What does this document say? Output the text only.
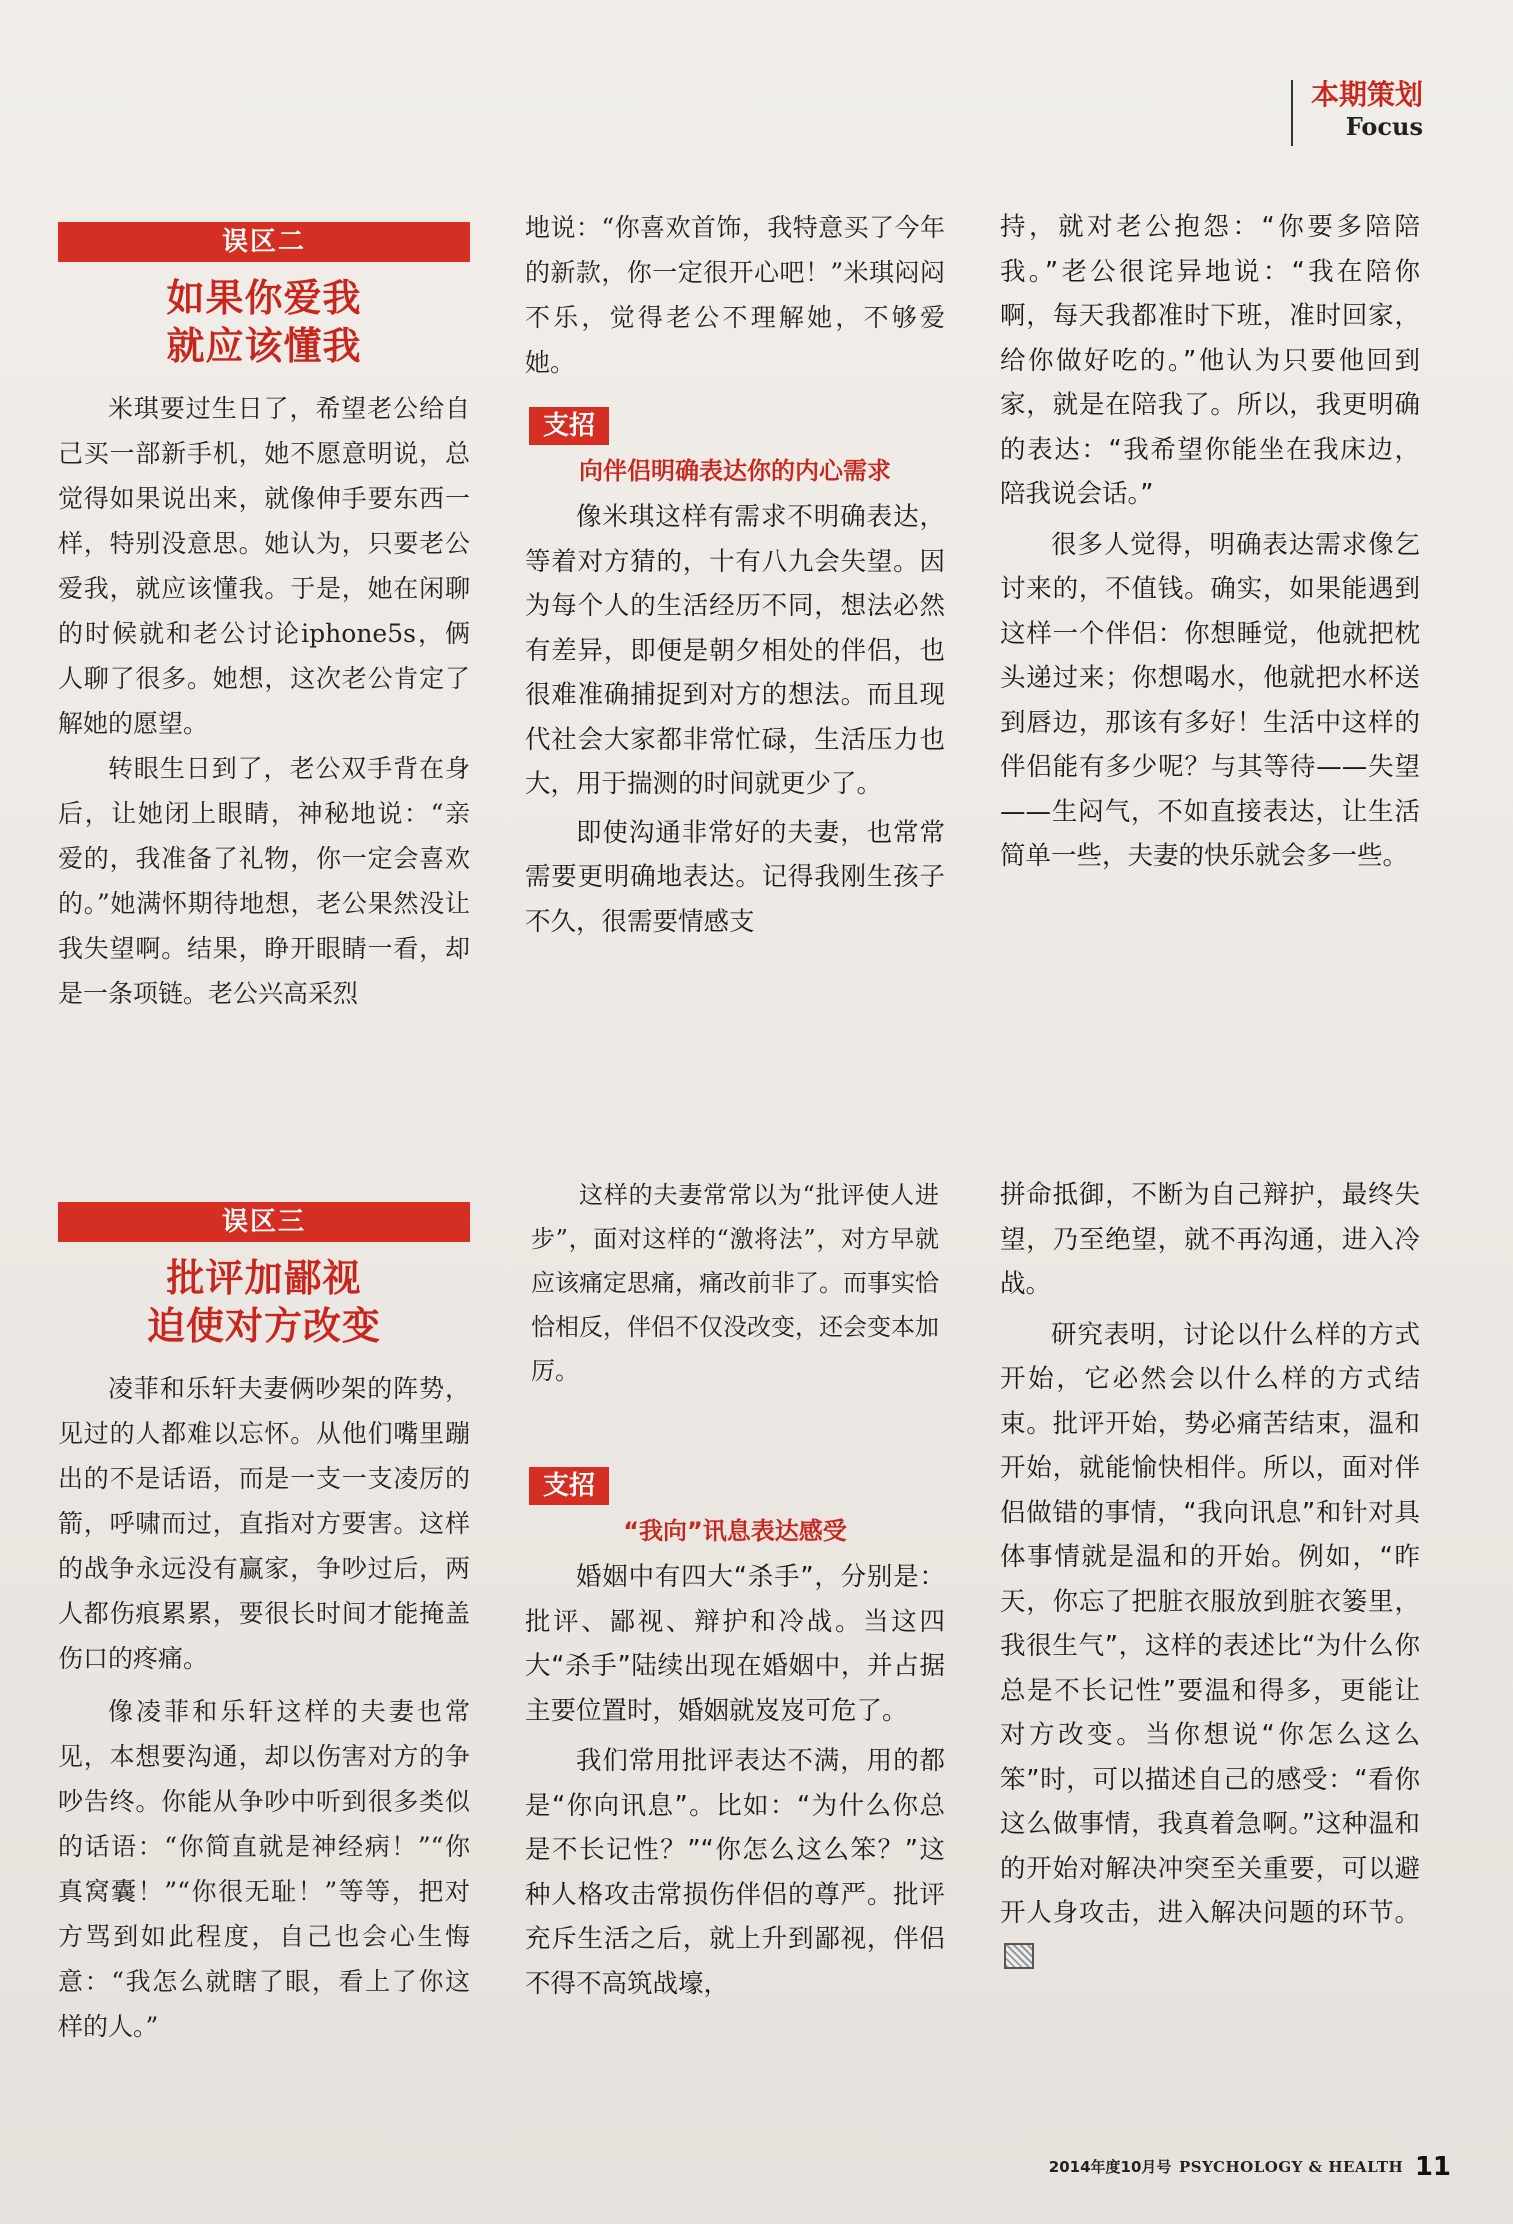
本期策划
Focus
误区二
如果你爱我
就应该懂我

米琪要过生日了，希望老公给自己买一部新手机，她不愿意明说，总觉得如果说出来，就像伸手要东西一样，特别没意思。她认为，只要老公爱我，就应该懂我。于是，她在闲聊的时候就和老公讨论iphone5s，俩人聊了很多。她想，这次老公肯定了解她的愿望。

转眼生日到了，老公双手背在身后，让她闭上眼睛，神秘地说：“亲爱的，我准备了礼物，你一定会喜欢的。”她满怀期待地想，老公果然没让我失望啊。结果，睁开眼睛一看，却是一条项链。老公兴高采烈

误区三
批评加鄙视
迫使对方改变

凌菲和乐轩夫妻俩吵架的阵势，见过的人都难以忘怀。从他们嘴里蹦出的不是话语，而是一支一支凌厉的箭，呼啸而过，直指对方要害。这样的战争永远没有赢家，争吵过后，两人都伤痕累累，要很长时间才能掩盖伤口的疼痛。

像凌菲和乐轩这样的夫妻也常见，本想要沟通，却以伤害对方的争吵告终。你能从争吵中听到很多类似的话语：“你简直就是神经病！”“你真窝囊！”“你很无耻！”等等，把对方骂到如此程度，自己也会心生悔意：“我怎么就瞎了眼，看上了你这样的人。”

地说：“你喜欢首饰，我特意买了今年的新款，你一定很开心吧！”米琪闷闷不乐，觉得老公不理解她，不够爱她。

支招
向伴侣明确表达你的内心需求

像米琪这样有需求不明确表达，等着对方猜的，十有八九会失望。因为每个人的生活经历不同，想法必然有差异，即便是朝夕相处的伴侣，也很难准确捕捉到对方的想法。而且现代社会大家都非常忙碌，生活压力也大，用于揣测的时间就更少了。

即使沟通非常好的夫妻，也常常需要更明确地表达。记得我刚生孩子不久，很需要情感支

这样的夫妻常常以为“批评使人进步”，面对这样的“激将法”，对方早就应该痛定思痛，痛改前非了。而事实恰恰相反，伴侣不仅没改变，还会变本加厉。

支招
“我向”讯息表达感受

婚姻中有四大“杀手”，分别是：批评、鄙视、辩护和冷战。当这四大“杀手”陆续出现在婚姻中，并占据主要位置时，婚姻就岌岌可危了。

我们常用批评表达不满，用的都是“你向讯息”。比如：“为什么你总是不长记性？”“你怎么这么笨？”这种人格攻击常损伤伴侣的尊严。批评充斥生活之后，就上升到鄙视，伴侣不得不高筑战壕，

持，就对老公抱怨：“你要多陪陪我。”老公很诧异地说：“我在陪你啊，每天我都准时下班，准时回家，给你做好吃的。”他认为只要他回到家，就是在陪我了。所以，我更明确的表达：“我希望你能坐在我床边，陪我说会话。”

很多人觉得，明确表达需求像乞讨来的，不值钱。确实，如果能遇到这样一个伴侣：你想睡觉，他就把枕头递过来；你想喝水，他就把水杯送到唇边，那该有多好！生活中这样的伴侣能有多少呢？与其等待——失望——生闷气，不如直接表达，让生活简单一些，夫妻的快乐就会多一些。

拼命抵御，不断为自己辩护，最终失望，乃至绝望，就不再沟通，进入冷战。

研究表明，讨论以什么样的方式开始，它必然会以什么样的方式结束。批评开始，势必痛苦结束，温和开始，就能愉快相伴。所以，面对伴侣做错的事情，“我向讯息”和针对具体事情就是温和的开始。例如，“昨天，你忘了把脏衣服放到脏衣篓里，我很生气”，这样的表述比“为什么你总是不长记性”要温和得多，更能让对方改变。当你想说“你怎么这么笨”时，可以描述自己的感受：“看你这么做事情，我真着急啊。”这种温和的开始对解决冲突至关重要，可以避开人身攻击，进入解决问题的环节。

2014年度10月号 PSYCHOLOGY & HEALTH 11
